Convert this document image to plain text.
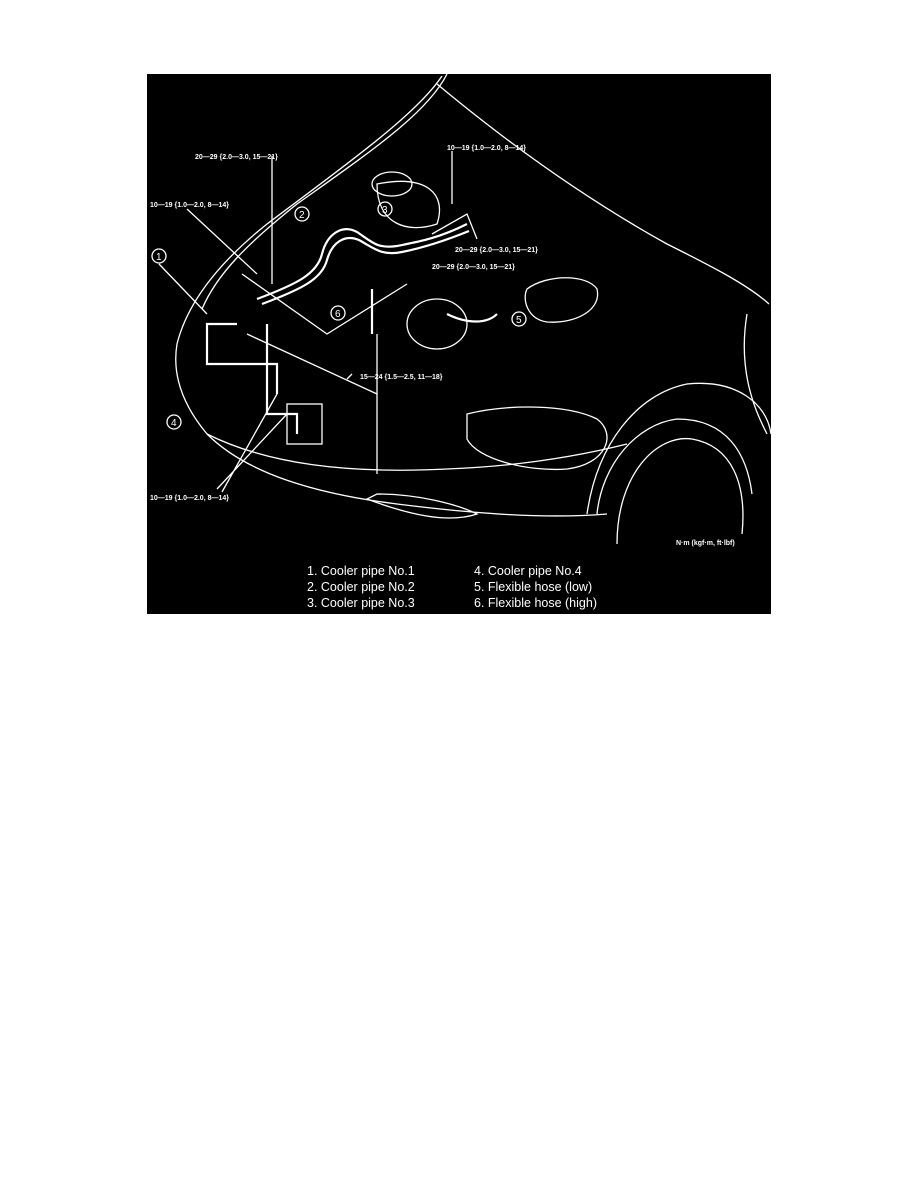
20—29 {2.0—3.0, 15—21}
10—19 {1.0—2.0, 8—14}
10—19 {1.0—2.0, 8—14}
20—29 {2.0—3.0, 15—21}
20—29 {2.0—3.0, 15—21}
15—24 {1.5—2.5, 11—18}
10—19 {1.0—2.0, 8—14}
1
2	3
4
5
6
N·m (kgf·m, ft·lbf)
1. Cooler pipe No.1
2. Cooler pipe No.2
3. Cooler pipe No.3
4. Cooler pipe No.4
5. Flexible hose (low)
6. Flexible hose (high)
